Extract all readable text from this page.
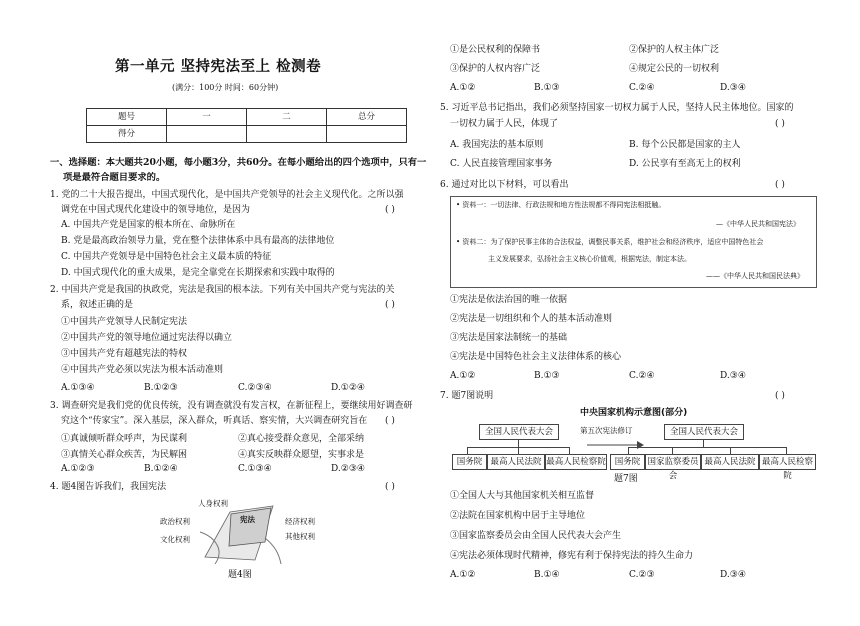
第一单元 坚持宪法至上 检测卷
(满分：100分 时间：60分钟)
题号	一	二	总分
得分			
一、选择题：本大题共20小题，每小题3分，共60分。在每小题给出的四个选项中，只有一
项是最符合题目要求的。
1. 党的二十大报告提出，中国式现代化，是中国共产党领导的社会主义现代化。之所以强
调党在中国式现代化建设中的领导地位，是因为	( )
A. 中国共产党是国家的根本所在、命脉所在
B. 党是最高政治领导力量，党在整个法律体系中具有最高的法律地位
C. 中国共产党领导是中国特色社会主义最本质的特征
D. 中国式现代化的重大成果，是完全靠党在长期探索和实践中取得的
2. 中国共产党是我国的执政党，宪法是我国的根本法。下列有关中国共产党与宪法的关
系，叙述正确的是	( )
①中国共产党领导人民制定宪法
②中国共产党的领导地位通过宪法得以确立
③中国共产党有超越宪法的特权
④中国共产党必须以宪法为根本活动准则
A.①③④	B.①②③	C.②③④	D.①②④
3. 调查研究是我们党的优良传统，没有调查就没有发言权，在新征程上，要继续用好调查研
究这个“传家宝”。深入基层，深入群众，听真话、察实情，大兴调查研究旨在 ( )
①真诚倾听群众呼声，为民谋利	②真心接受群众意见，全部采纳
③真情关心群众疾苦，为民解困	④真实反映群众愿望，实事求是
A.①②③	B.①②④	C.①③④	D.②③④
4. 题4图告诉我们，我国宪法	( )
宪法
人身权利
政治权利
文化权利
经济权利
其他权利
题4图
①是公民权利的保障书	②保护的人权主体广泛
③保护的人权内容广泛	④规定公民的一切权利
A.①②	B.①③	C.②④	D.③④
5. 习近平总书记指出，我们必须坚持国家一切权力属于人民，坚持人民主体地位。国家的
一切权力属于人民，体现了	( )
A. 我国宪法的基本原则	B. 每个公民都是国家的主人
C. 人民直接管理国家事务	D. 公民享有至高无上的权利
6. 通过对比以下材料，可以看出	( )
• 资料一：一切法律、行政法规和地方性法规都不得同宪法相抵触。
—《中华人民共和国宪法》
• 资料二：为了保护民事主体的合法权益，调整民事关系，维护社会和经济秩序，适应中国特色社会
主义发展要求，弘扬社会主义核心价值观，根据宪法，制定本法。
——《中华人民共和国民法典》
①宪法是依法治国的唯一依据
②宪法是一切组织和个人的基本活动准则
③宪法是国家法制统一的基础
④宪法是中国特色社会主义法律体系的核心
A.①②	B.①③	C.②④	D.③④
7. 题7图说明	( )
中央国家机构示意图(部分)
全国人民代表大会
国务院 最高人民法院 最高人民检察院
第五次宪法修订	全国人民代表大会
国务院 国家监察委员会
最高人民法院 最高人民检察院
题7图
①全国人大与其他国家机关相互监督
②法院在国家机构中居于主导地位
③国家监察委员会由全国人民代表大会产生
④宪法必须体现时代精神，修宪有利于保持宪法的持久生命力
A.①②	B.①④	C.②③	D.③④
